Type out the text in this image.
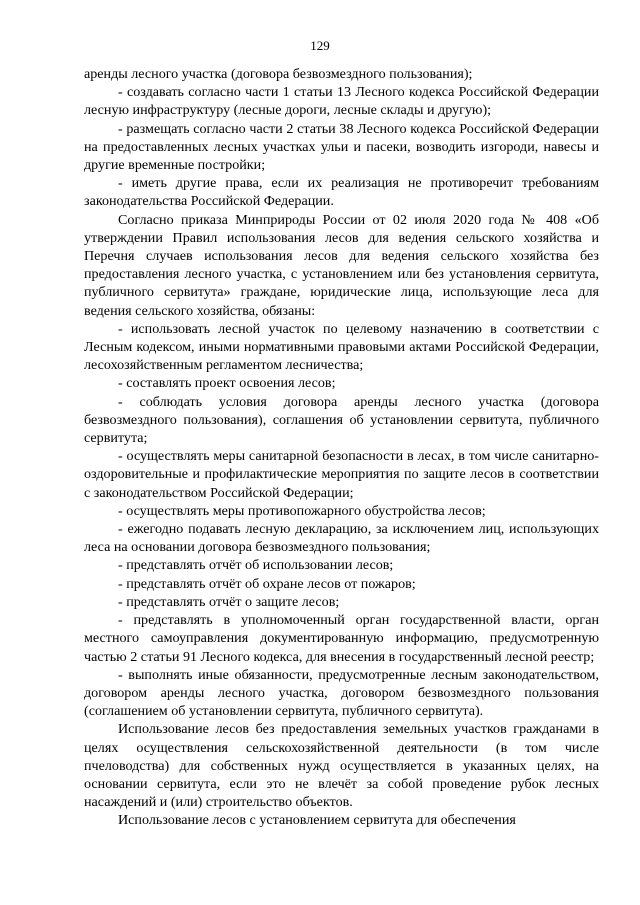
129

аренды лесного участка (договора безвозмездного пользования);

- создавать согласно части 1 статьи 13 Лесного кодекса Российской Федерации лесную инфраструктуру (лесные дороги, лесные склады и другую);

- размещать согласно части 2 статьи 38 Лесного кодекса Российской Федерации на предоставленных лесных участках ульи и пасеки, возводить изгороди, навесы и другие временные постройки;

- иметь другие права, если их реализация не противоречит требованиям законодательства Российской Федерации.

Согласно приказа Минприроды России от 02 июля 2020 года № 408 «Об утверждении Правил использования лесов для ведения сельского хозяйства и Перечня случаев использования лесов для ведения сельского хозяйства без предоставления лесного участка, с установлением или без установления сервитута, публичного сервитута» граждане, юридические лица, использующие леса для ведения сельского хозяйства, обязаны:

- использовать лесной участок по целевому назначению в соответствии с Лесным кодексом, иными нормативными правовыми актами Российской Федерации, лесохозяйственным регламентом лесничества;

- составлять проект освоения лесов;

- соблюдать условия договора аренды лесного участка (договора безвозмездного пользования), соглашения об установлении сервитута, публичного сервитута;

- осуществлять меры санитарной безопасности в лесах, в том числе санитарно-оздоровительные и профилактические мероприятия по защите лесов в соответствии с законодательством Российской Федерации;

- осуществлять меры противопожарного обустройства лесов;

- ежегодно подавать лесную декларацию, за исключением лиц, использующих леса на основании договора безвозмездного пользования;

- представлять отчёт об использовании лесов;

- представлять отчёт об охране лесов от пожаров;

- представлять отчёт о защите лесов;

- представлять в уполномоченный орган государственной власти, орган местного самоуправления документированную информацию, предусмотренную частью 2 статьи 91 Лесного кодекса, для внесения в государственный лесной реестр;

- выполнять иные обязанности, предусмотренные лесным законодательством, договором аренды лесного участка, договором безвозмездного пользования (соглашением об установлении сервитута, публичного сервитута).

Использование лесов без предоставления земельных участков гражданами в целях осуществления сельскохозяйственной деятельности (в том числе пчеловодства) для собственных нужд осуществляется в указанных целях, на основании сервитута, если это не влечёт за собой проведение рубок лесных насаждений и (или) строительство объектов.

Использование лесов с установлением сервитута для обеспечения
